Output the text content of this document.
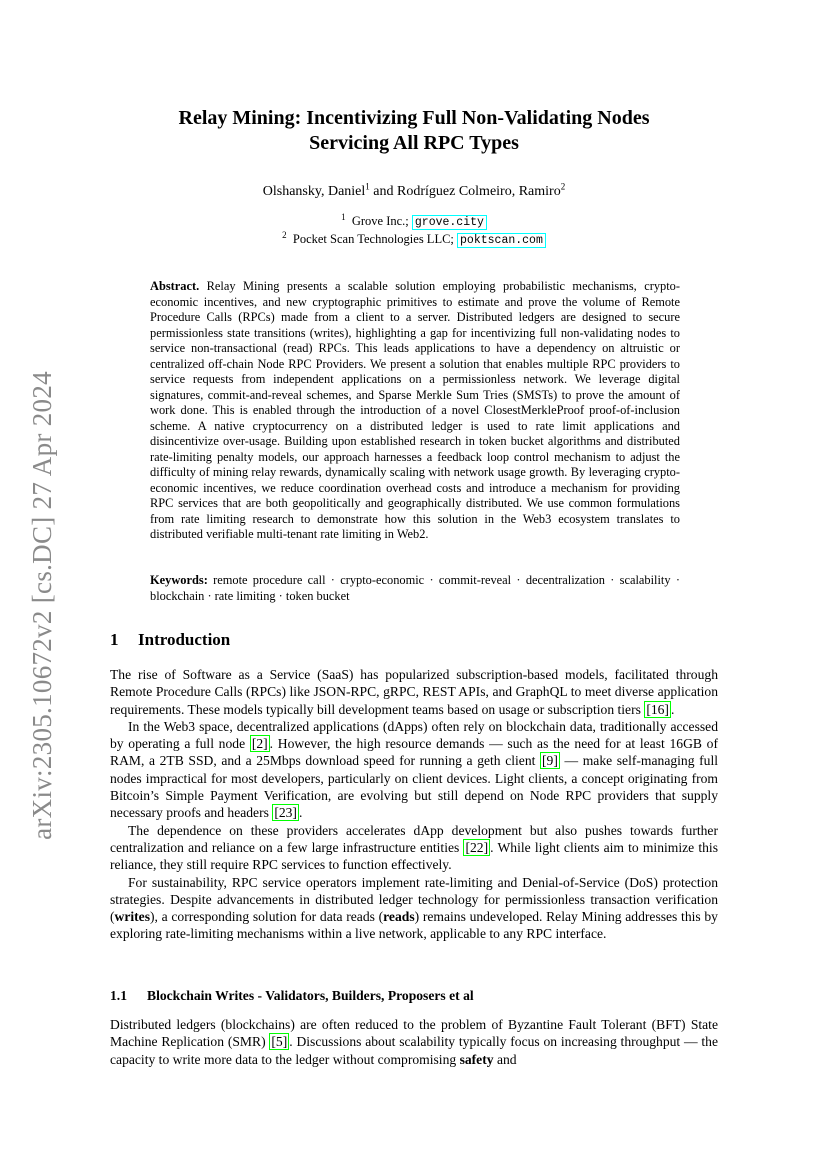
arXiv:2305.10672v2 [cs.DC] 27 Apr 2024
Relay Mining: Incentivizing Full Non-Validating Nodes
Servicing All RPC Types
Olshansky, Daniel$^1$ and Rodríguez Colmeiro, Ramiro$^2$
$^1$ Grove Inc.; grove.city
$^2$ Pocket Scan Technologies LLC; poktscan.com
Abstract. Relay Mining presents a scalable solution employing probabilistic mechanisms, crypto-economic incentives, and new cryptographic primitives to estimate and prove the volume of Remote Procedure Calls (RPCs) made from a client to a server. Distributed ledgers are designed to secure permissionless state transitions (writes), highlighting a gap for incentivizing full non-validating nodes to service non-transactional (read) RPCs. This leads applications to have a dependency on altruistic or centralized off-chain Node RPC Providers. We present a solution that enables multiple RPC providers to service requests from independent applications on a permissionless network. We leverage digital signatures, commit-and-reveal schemes, and Sparse Merkle Sum Tries (SMSTs) to prove the amount of work done. This is enabled through the introduction of a novel ClosestMerkleProof proof-of-inclusion scheme. A native cryptocurrency on a distributed ledger is used to rate limit applications and disincentivize over-usage. Building upon established research in token bucket algorithms and distributed rate-limiting penalty models, our approach harnesses a feedback loop control mechanism to adjust the difficulty of mining relay rewards, dynamically scaling with network usage growth. By leveraging crypto-economic incentives, we reduce coordination overhead costs and introduce a mechanism for providing RPC services that are both geopolitically and geographically distributed. We use common formulations from rate limiting research to demonstrate how this solution in the Web3 ecosystem translates to distributed verifiable multi-tenant rate limiting in Web2.
Keywords: remote procedure call · crypto-economic · commit-reveal · decentralization · scalability · blockchain · rate limiting · token bucket
1 Introduction

The rise of Software as a Service (SaaS) has popularized subscription-based models, facilitated through Remote Procedure Calls (RPCs) like JSON-RPC, gRPC, REST APIs, and GraphQL to meet diverse application requirements. These models typically bill development teams based on usage or subscription tiers [16] .

In the Web3 space, decentralized applications (dApps) often rely on blockchain data, traditionally accessed by operating a full node [2] . However, the high resource demands — such as the need for at least 16GB of RAM, a 2TB SSD, and a 25Mbps download speed for running a geth client [9] — make self-managing full nodes impractical for most developers, particularly on client devices. Light clients, a concept originating from Bitcoin’s Simple Payment Verification, are evolving but still depend on Node RPC providers that supply necessary proofs and headers [23] .

The dependence on these providers accelerates dApp development but also pushes towards further centralization and reliance on a few large infrastructure entities [22] . While light clients aim to minimize this reliance, they still require RPC services to function effectively.

For sustainability, RPC service operators implement rate-limiting and Denial-of-Service (DoS) protection strategies. Despite advancements in distributed ledger technology for permissionless transaction verification (writes), a corresponding solution for data reads (reads) remains undeveloped. Relay Mining addresses this by exploring rate-limiting mechanisms within a live network, applicable to any RPC interface.

1.1 Blockchain Writes - Validators, Builders, Proposers et al

Distributed ledgers (blockchains) are often reduced to the problem of Byzantine Fault Tolerant (BFT) State Machine Replication (SMR) [5] . Discussions about scalability typically focus on increasing throughput — the capacity to write more data to the ledger without compromising safety and
